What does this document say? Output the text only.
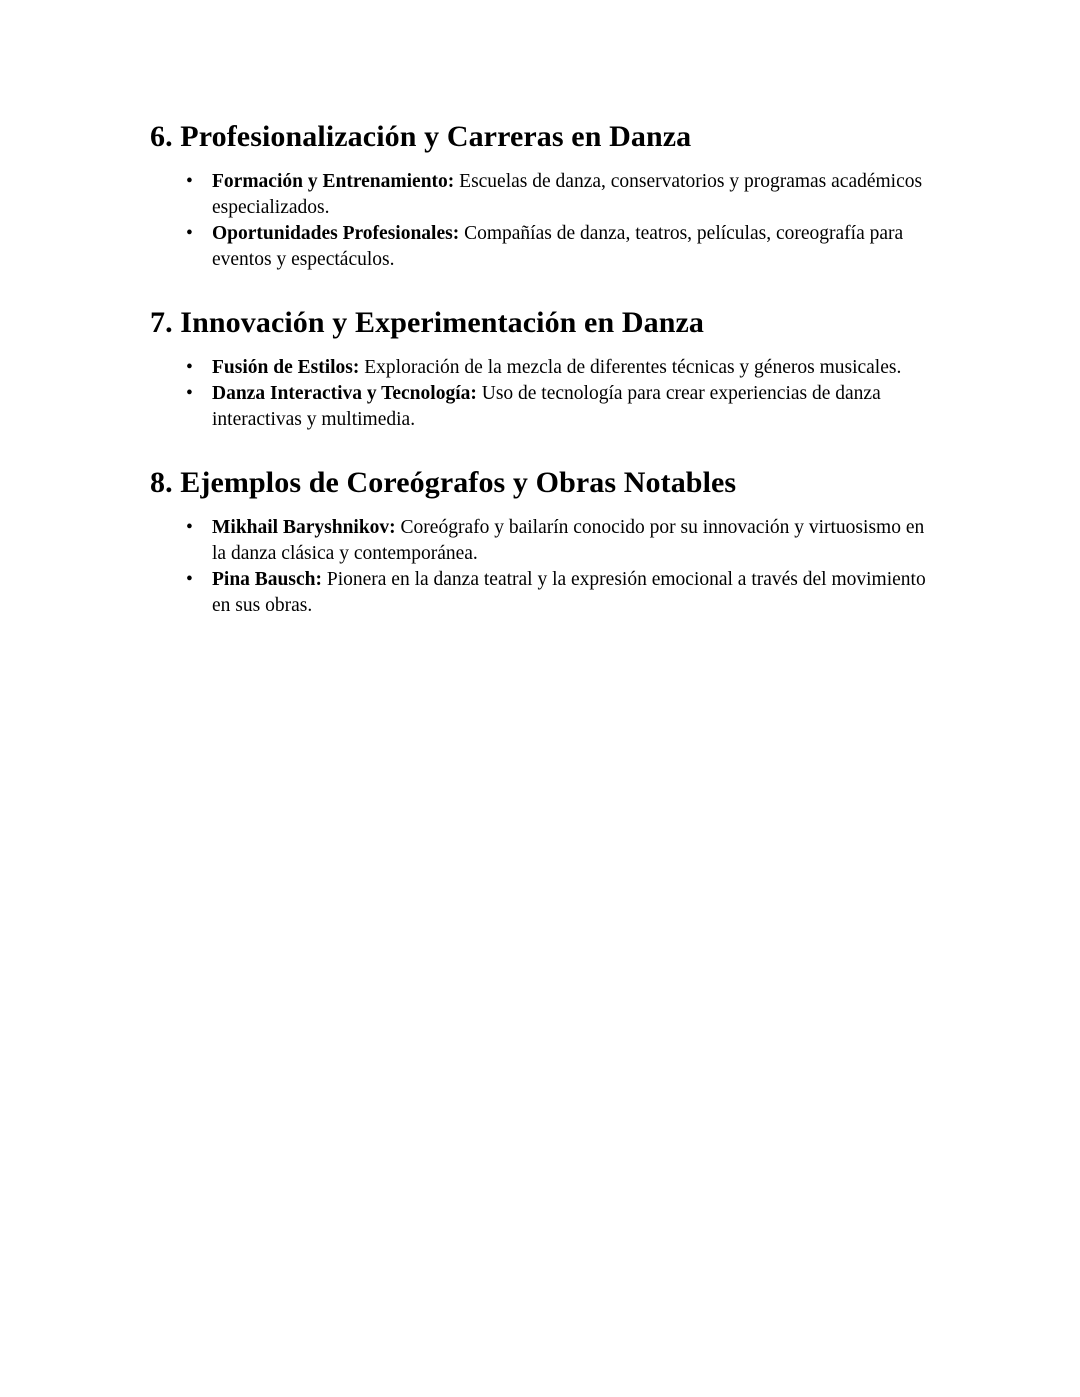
6. Profesionalización y Carreras en Danza
• Formación y Entrenamiento: Escuelas de danza, conservatorios y programas académicos especializados.
• Oportunidades Profesionales: Compañías de danza, teatros, películas, coreografía para eventos y espectáculos.
7. Innovación y Experimentación en Danza
• Fusión de Estilos: Exploración de la mezcla de diferentes técnicas y géneros musicales.
• Danza Interactiva y Tecnología: Uso de tecnología para crear experiencias de danza interactivas y multimedia.
8. Ejemplos de Coreógrafos y Obras Notables
• Mikhail Baryshnikov: Coreógrafo y bailarín conocido por su innovación y virtuosismo en la danza clásica y contemporánea.
• Pina Bausch: Pionera en la danza teatral y la expresión emocional a través del movimiento en sus obras.
